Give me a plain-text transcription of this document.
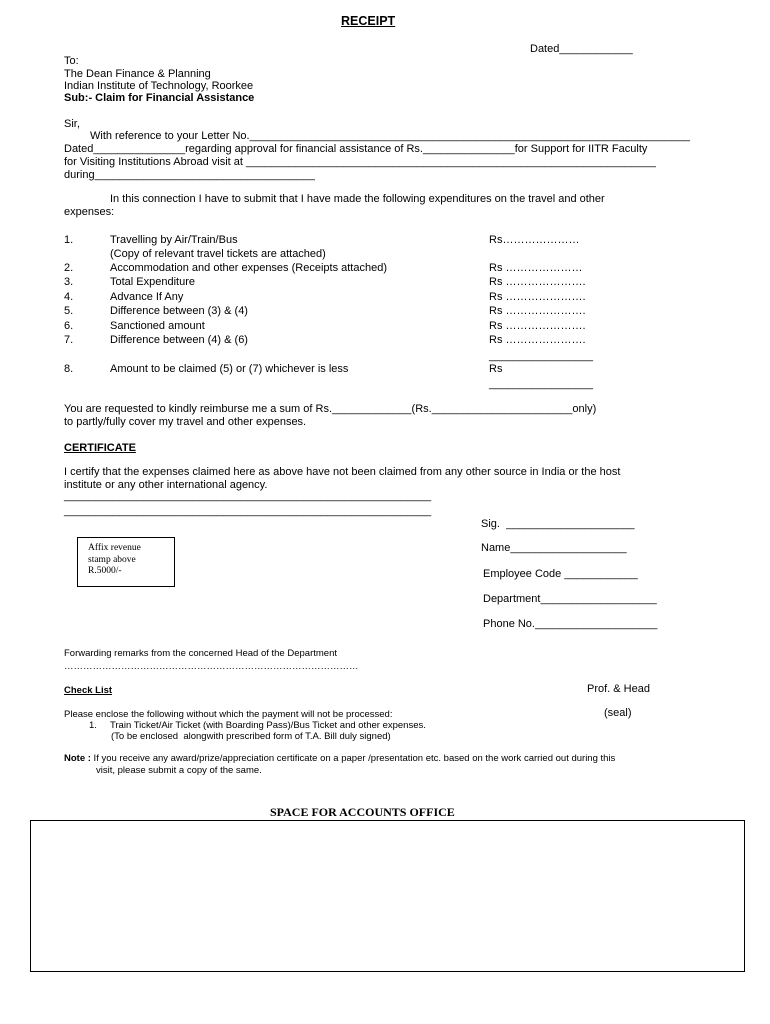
RECEIPT
Dated____________
To:
The Dean Finance & Planning
Indian Institute of Technology, Roorkee
Sub:- Claim for Financial Assistance
Sir,
With reference to your Letter No.________________________________________________________________________
Dated_______________regarding approval for financial assistance of Rs._______________for Support for IITR Faculty
for Visiting Institutions Abroad visit at ___________________________________________________________________
during____________________________________
In this connection I have to submit that I have made the following expenditures on the travel and other
expenses:
1.	Travelling by Air/Train/Bus	Rs…………………
(Copy of relevant travel tickets are attached)
2.	Accommodation and other expenses (Receipts attached)	Rs …………………
3.	Total Expenditure	Rs ………………….
4.	Advance If Any	Rs ………………….
5.	Difference between (3) & (4)	Rs ………………….
6.	Sanctioned amount	Rs ………………….
7.	Difference between (4) & (6)	Rs ………………….
_________________
8.	Amount to be claimed (5) or (7) whichever is less	Rs
_________________
You are requested to kindly reimburse me a sum of Rs._____________(Rs._______________________only)
to partly/fully cover my travel and other expenses.
CERTIFICATE
I certify that the expenses claimed here as above have not been claimed from any other source in India or the host
institute or any other international agency.
____________________________________________________________
____________________________________________________________
Sig.  _____________________
Name___________________
Employee Code ____________
Department___________________
Phone No.____________________
Affix revenue
stamp above
R.5000/-
Forwarding remarks from the concerned Head of the Department
…………………………………………………………………………………
Check List	Prof. & Head
(seal)
Please enclose the following without which the payment will not be processed:
1.     Train Ticket/Air Ticket (with Boarding Pass)/Bus Ticket and other expenses.
(To be enclosed  alongwith prescribed form of T.A. Bill duly signed)
Note : If you receive any award/prize/appreciation certificate on a paper /presentation etc. based on the work carried out during this
visit, please submit a copy of the same.
SPACE FOR ACCOUNTS OFFICE
